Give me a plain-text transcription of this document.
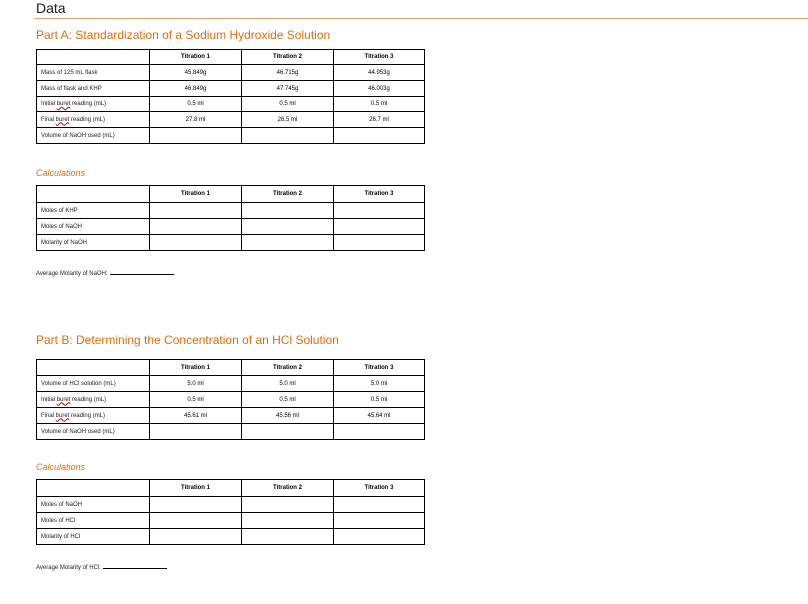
Data
Part A: Standardization of a Sodium Hydroxide Solution
	Titration 1	Titration 2	Titration 3
Mass of 125 mL flask	45.849g	46.715g	44.953g
Mass of flask and KHP	46.849g	47.745g	46.003g
Initial buret reading (mL)	0.5 ml	0.5 ml	0.5 ml
Final buret reading (mL)	27.8 ml	26.5 ml	26.7 ml
Volume of NaOH used (mL)			
Calculations
	Titration 1	Titration 2	Titration 3
Moles of KHP			
Moles of NaOH			
Molarity of NaOH			
Average Molarity of NaOH:
Part B: Determining the Concentration of an HCl Solution
	Titration 1	Titration 2	Titration 3
Volume of HCl solution (mL)	5.0 ml	5.0 ml	5.0 ml
Initial buret reading (mL)	0.5 ml	0.5 ml	0.5 ml
Final buret reading (mL)	45.61 ml	45.56 ml	45.64 ml
Volume of NaOH used (mL)			
Calculations
	Titration 1	Titration 2	Titration 3
Moles of NaOH			
Moles of HCl			
Molarity of HCl			
Average Molarity of HCl:
